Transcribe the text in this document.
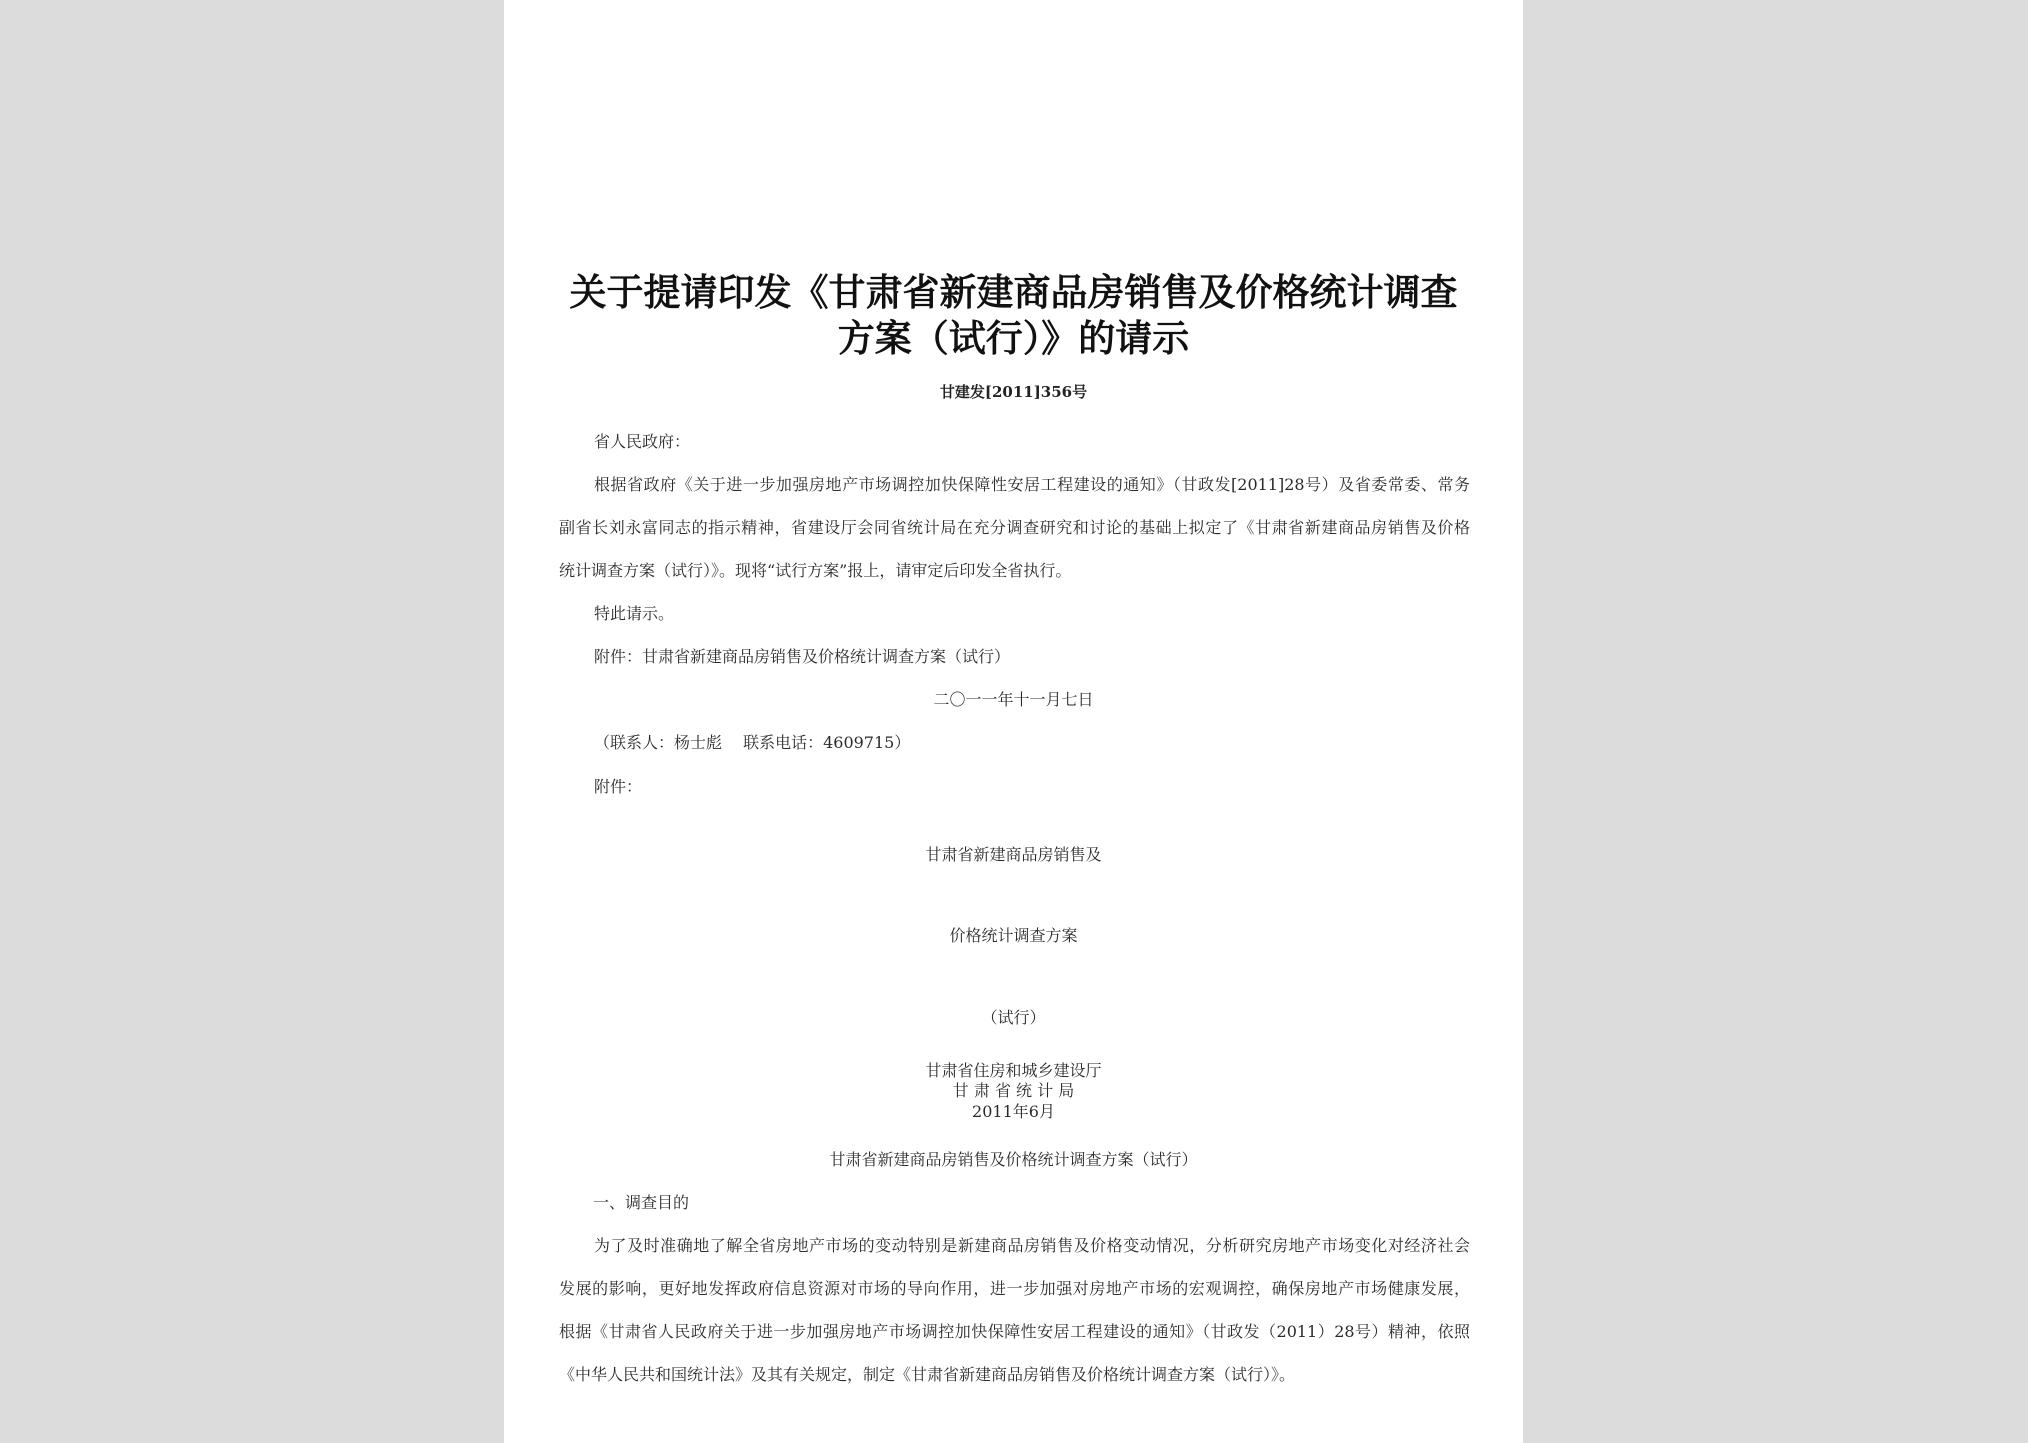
关于提请印发《甘肃省新建商品房销售及价格统计调查
方案（试行）》的请示
甘建发[2011]356号
省人民政府：
根据省政府《关于进一步加强房地产市场调控加快保障性安居工程建设的通知》（甘政发[2011]28号）及省委常委、常务
副省长刘永富同志的指示精神，省建设厅会同省统计局在充分调查研究和讨论的基础上拟定了《甘肃省新建商品房销售及价格
统计调查方案（试行）》。现将“试行方案”报上，请审定后印发全省执行。
特此请示。
附件：甘肃省新建商品房销售及价格统计调查方案（试行）
二〇一一年十一月七日
（联系人：杨士彪　 联系电话：4609715）
附件：
甘肃省新建商品房销售及
价格统计调查方案
（试行）
甘肃省住房和城乡建设厅
甘 肃 省 统 计 局
2011年6月
甘肃省新建商品房销售及价格统计调查方案（试行）
一、调查目的
为了及时准确地了解全省房地产市场的变动特别是新建商品房销售及价格变动情况，分析研究房地产市场变化对经济社会
发展的影响，更好地发挥政府信息资源对市场的导向作用，进一步加强对房地产市场的宏观调控，确保房地产市场健康发展，
根据《甘肃省人民政府关于进一步加强房地产市场调控加快保障性安居工程建设的通知》（甘政发（2011）28号）精神，依照
《中华人民共和国统计法》及其有关规定，制定《甘肃省新建商品房销售及价格统计调查方案（试行）》。
